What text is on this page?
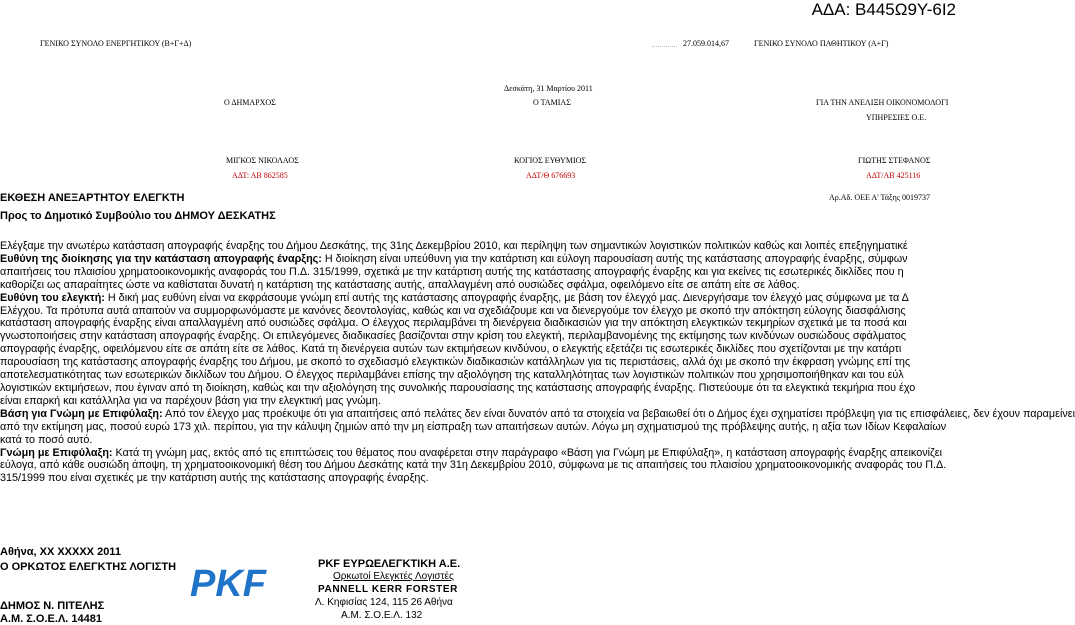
ΑΔΑ: Β445Ω9Υ-6Ι2
ΓΕΝΙΚΟ ΣΥΝΟΛΟ ΕΝΕΡΓΗΤΙΚΟΥ (Β+Γ+Δ)	27.059.014,67	ΓΕΝΙΚΟ ΣΥΝΟΛΟ ΠΑΘΗΤΙΚΟΥ (Α+Γ)
Δεσκάτη, 31 Μαρτίου 2011
Ο ΔΗΜΑΡΧΟΣ	Ο ΤΑΜΙΑΣ	ΓΙΑ ΤΗΝ ΑΝΕΛΙΞΗ ΟΙΚΟΝΟΜΟΛΟΓΙ
ΥΠΗΡΕΣΙΕΣ Ο.Ε.
ΜΙΓΚΟΣ ΝΙΚΟΛΑΟΣ	ΚΟΓΙΟΣ ΕΥΘΥΜΙΟΣ	ΓΙΩΤΗΣ ΣΤΕΦΑΝΟΣ
ΑΔΤ: ΑΒ 862585	ΑΔΤ/Θ 676693	ΑΔΤ/ΑΒ 425116
Αρ.Αδ. ΟΕΕ Α' Τάξης 0019737
ΕΚΘΕΣΗ ΑΝΕΞΑΡΤΗΤΟΥ ΕΛΕΓΚΤΗ
Προς το Δημοτικό Συμβούλιο του ΔΗΜΟΥ ΔΕΣΚΑΤΗΣ
Ελέγξαμε την ανωτέρω κατάσταση απογραφής έναρξης του Δήμου Δεσκάτης, της 31ης Δεκεμβρίου 2010, και περίληψη των σημαντικών λογιστικών πολιτικών καθώς και λοιπές επεξηγηματικέ
Ευθύνη της διοίκησης για την κατάσταση απογραφής έναρξης: Η διοίκηση είναι υπεύθυνη για την κατάρτιση και εύλογη παρουσίαση αυτής της κατάστασης απογραφής έναρξης, σύμφων
απαιτήσεις του πλαισίου χρηματοοικονομικής αναφοράς του Π.Δ. 315/1999, σχετικά με την κατάρτιση αυτής της κατάστασης απογραφής έναρξης και για εκείνες τις εσωτερικές δικλίδες που η
καθορίζει ως απαραίτητες ώστε να καθίσταται δυνατή η κατάρτιση της κατάστασης αυτής, απαλλαγμένη από ουσιώδες σφάλμα, οφειλόμενο είτε σε απάτη είτε σε λάθος.
Ευθύνη του ελεγκτή: Η δική μας ευθύνη είναι να εκφράσουμε γνώμη επί αυτής της κατάστασης απογραφής έναρξης, με βάση τον έλεγχό μας. Διενεργήσαμε τον έλεγχό μας σύμφωνα με τα Δ
Ελέγχου. Τα πρότυπα αυτά απαιτούν να συμμορφωνόμαστε με κανόνες δεοντολογίας, καθώς και να σχεδιάζουμε και να διενεργούμε τον έλεγχο με σκοπό την απόκτηση εύλογης διασφάλισης
κατάσταση απογραφής έναρξης είναι απαλλαγμένη από ουσιώδες σφάλμα. Ο έλεγχος περιλαμβάνει τη διενέργεια διαδικασιών για την απόκτηση ελεγκτικών τεκμηρίων σχετικά με τα ποσά και
γνωστοποιήσεις στην κατάσταση απογραφής έναρξης. Οι επιλεγόμενες διαδικασίες βασίζονται στην κρίση του ελεγκτή, περιλαμβανομένης της εκτίμησης των κινδύνων ουσιώδους σφάλματος
απογραφής έναρξης, οφειλόμενου είτε σε απάτη είτε σε λάθος. Κατά τη διενέργεια αυτών των εκτιμήσεων κινδύνου, ο ελεγκτής εξετάζει τις εσωτερικές δικλίδες που σχετίζονται με την κατάρτι
παρουσίαση της κατάστασης απογραφής έναρξης του Δήμου, με σκοπό το σχεδιασμό ελεγκτικών διαδικασιών κατάλληλων για τις περιστάσεις, αλλά όχι με σκοπό την έκφραση γνώμης επί της
αποτελεσματικότητας των εσωτερικών δικλίδων του Δήμου. Ο έλεγχος περιλαμβάνει επίσης την αξιολόγηση της καταλληλότητας των λογιστικών πολιτικών που χρησιμοποιήθηκαν και του εύλ
λογιστικών εκτιμήσεων, που έγιναν από τη διοίκηση, καθώς και την αξιολόγηση της συνολικής παρουσίασης της κατάστασης απογραφής έναρξης. Πιστεύουμε ότι τα ελεγκτικά τεκμήρια που έχο
είναι επαρκή και κατάλληλα για να παρέχουν βάση για την ελεγκτική μας γνώμη.
Βάση για Γνώμη με Επιφύλαξη: Από τον έλεγχο μας προέκυψε ότι για απαιτήσεις από πελάτες δεν είναι δυνατόν από τα στοιχεία να βεβαιωθεί ότι ο Δήμος έχει σχηματίσει πρόβλεψη για τις επισφάλειες, δεν έχουν παραμείνει
από την εκτίμηση μας, ποσού ευρώ 173 χιλ. περίπου, για την κάλυψη ζημιών από την μη είσπραξη των απαιτήσεων αυτών. Λόγω μη σχηματισμού της πρόβλεψης αυτής, η αξία των Ιδίων Κεφαλαίων
κατά το ποσό αυτό.
Γνώμη με Επιφύλαξη: Κατά τη γνώμη μας, εκτός από τις επιπτώσεις του θέματος που αναφέρεται στην παράγραφο «Βάση για Γνώμη με Επιφύλαξη», η κατάσταση απογραφής έναρξης απεικονίζει
εύλογα, από κάθε ουσιώδη άποψη, τη χρηματοοικονομική θέση του Δήμου Δεσκάτης κατά την 31η Δεκεμβρίου 2010, σύμφωνα με τις απαιτήσεις του πλαισίου χρηματοοικονομικής αναφοράς του Π.Δ.
315/1999 που είναι σχετικές με την κατάρτιση αυτής της κατάστασης απογραφής έναρξης.
Αθήνα, ΧΧ ΧΧΧΧΧ 2011
Ο ΟΡΚΩΤΟΣ ΕΛΕΓΚΤΗΣ ΛΟΓΙΣΤΗ
ΔΗΜΟΣ Ν. ΠΙΤΕΛΗΣ
Α.Μ. Σ.Ο.Ε.Λ. 14481
PKF	PKF ΕΥΡΩΕΛΕΓΚΤΙΚΗ Α.Ε.
Ορκωτοί Ελεγκτές Λογιστές
PANNELL KERR FORSTER
Λ. Κηφισίας 124, 115 26 Αθήνα
Α.Μ. Σ.Ο.Ε.Λ. 132
